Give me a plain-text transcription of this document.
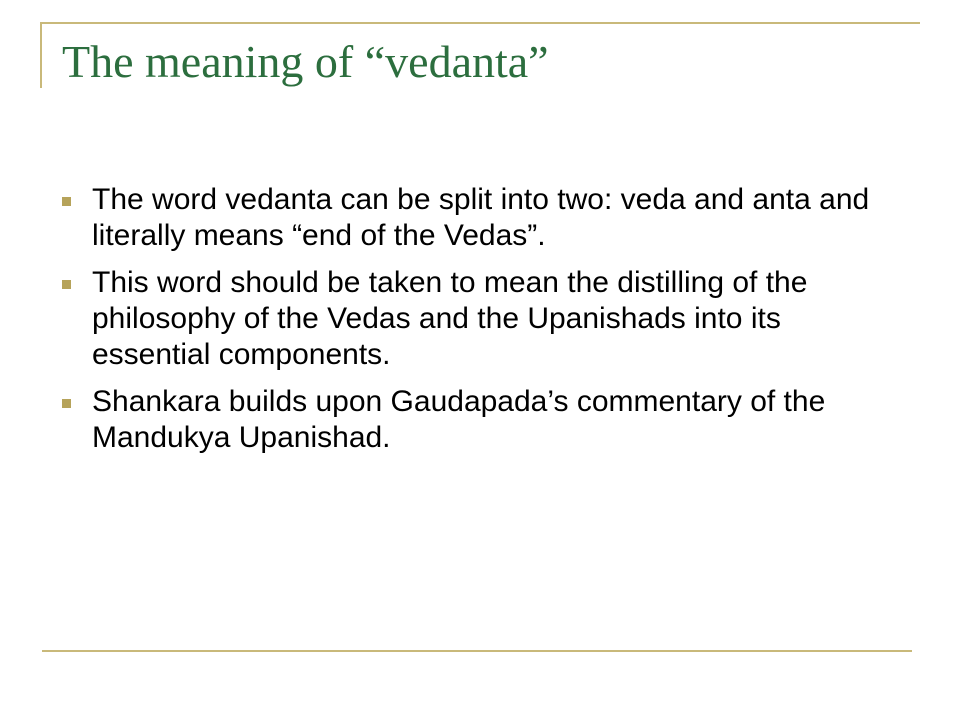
The meaning of “vedanta”
The word vedanta can be split into two: veda and anta and literally means “end of the Vedas”.
This word should be taken to mean the distilling of the philosophy of the Vedas and the Upanishads into its essential components.
Shankara builds upon Gaudapada’s commentary of the Mandukya Upanishad.
